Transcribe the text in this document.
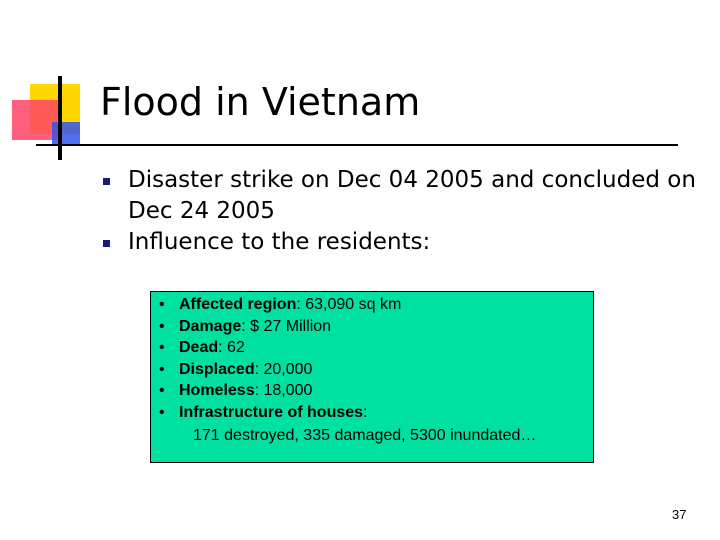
Flood in Vietnam
Disaster strike on Dec 04 2005 and concluded on Dec 24 2005
Influence to the residents:
• Affected region: 63,090 sq km
• Damage: $ 27 Million
• Dead: 62
• Displaced: 20,000
• Homeless: 18,000
• Infrastructure of houses:
171 destroyed, 335 damaged, 5300 inundated…
37
